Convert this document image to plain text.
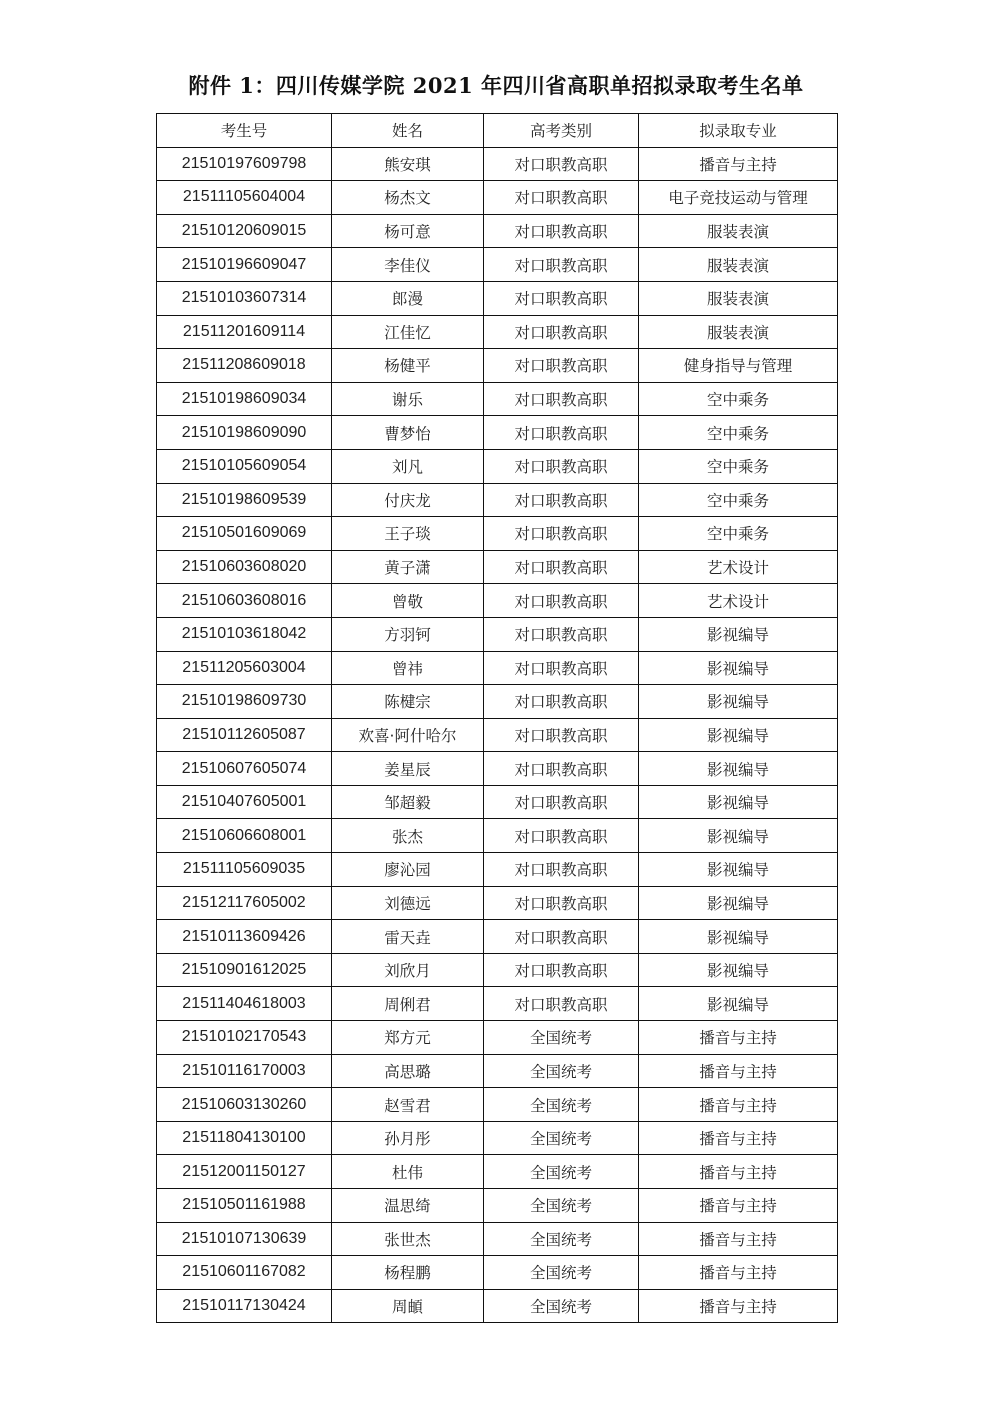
附件 1：四川传媒学院 2021 年四川省高职单招拟录取考生名单
考生号	姓名	高考类别	拟录取专业
21510197609798	熊安琪	对口职教高职	播音与主持
21511105604004	杨杰文	对口职教高职	电子竞技运动与管理
21510120609015	杨可意	对口职教高职	服装表演
21510196609047	李佳仪	对口职教高职	服装表演
21510103607314	郎漫	对口职教高职	服装表演
21511201609114	江佳忆	对口职教高职	服装表演
21511208609018	杨健平	对口职教高职	健身指导与管理
21510198609034	谢乐	对口职教高职	空中乘务
21510198609090	曹梦怡	对口职教高职	空中乘务
21510105609054	刘凡	对口职教高职	空中乘务
21510198609539	付庆龙	对口职教高职	空中乘务
21510501609069	王子琰	对口职教高职	空中乘务
21510603608020	黄子潇	对口职教高职	艺术设计
21510603608016	曾敬	对口职教高职	艺术设计
21510103618042	方羽钶	对口职教高职	影视编导
21511205603004	曾祎	对口职教高职	影视编导
21510198609730	陈楗宗	对口职教高职	影视编导
21510112605087	欢喜·阿什哈尔	对口职教高职	影视编导
21510607605074	姜星辰	对口职教高职	影视编导
21510407605001	邹超毅	对口职教高职	影视编导
21510606608001	张杰	对口职教高职	影视编导
21511105609035	廖沁园	对口职教高职	影视编导
21512117605002	刘德远	对口职教高职	影视编导
21510113609426	雷天垚	对口职教高职	影视编导
21510901612025	刘欣月	对口职教高职	影视编导
21511404618003	周俐君	对口职教高职	影视编导
21510102170543	郑方元	全国统考	播音与主持
21510116170003	高思璐	全国统考	播音与主持
21510603130260	赵雪君	全国统考	播音与主持
21511804130100	孙月彤	全国统考	播音与主持
21512001150127	杜伟	全国统考	播音与主持
21510501161988	温思绮	全国统考	播音与主持
21510107130639	张世杰	全国统考	播音与主持
21510601167082	杨程鹏	全国统考	播音与主持
21510117130424	周頔	全国统考	播音与主持
